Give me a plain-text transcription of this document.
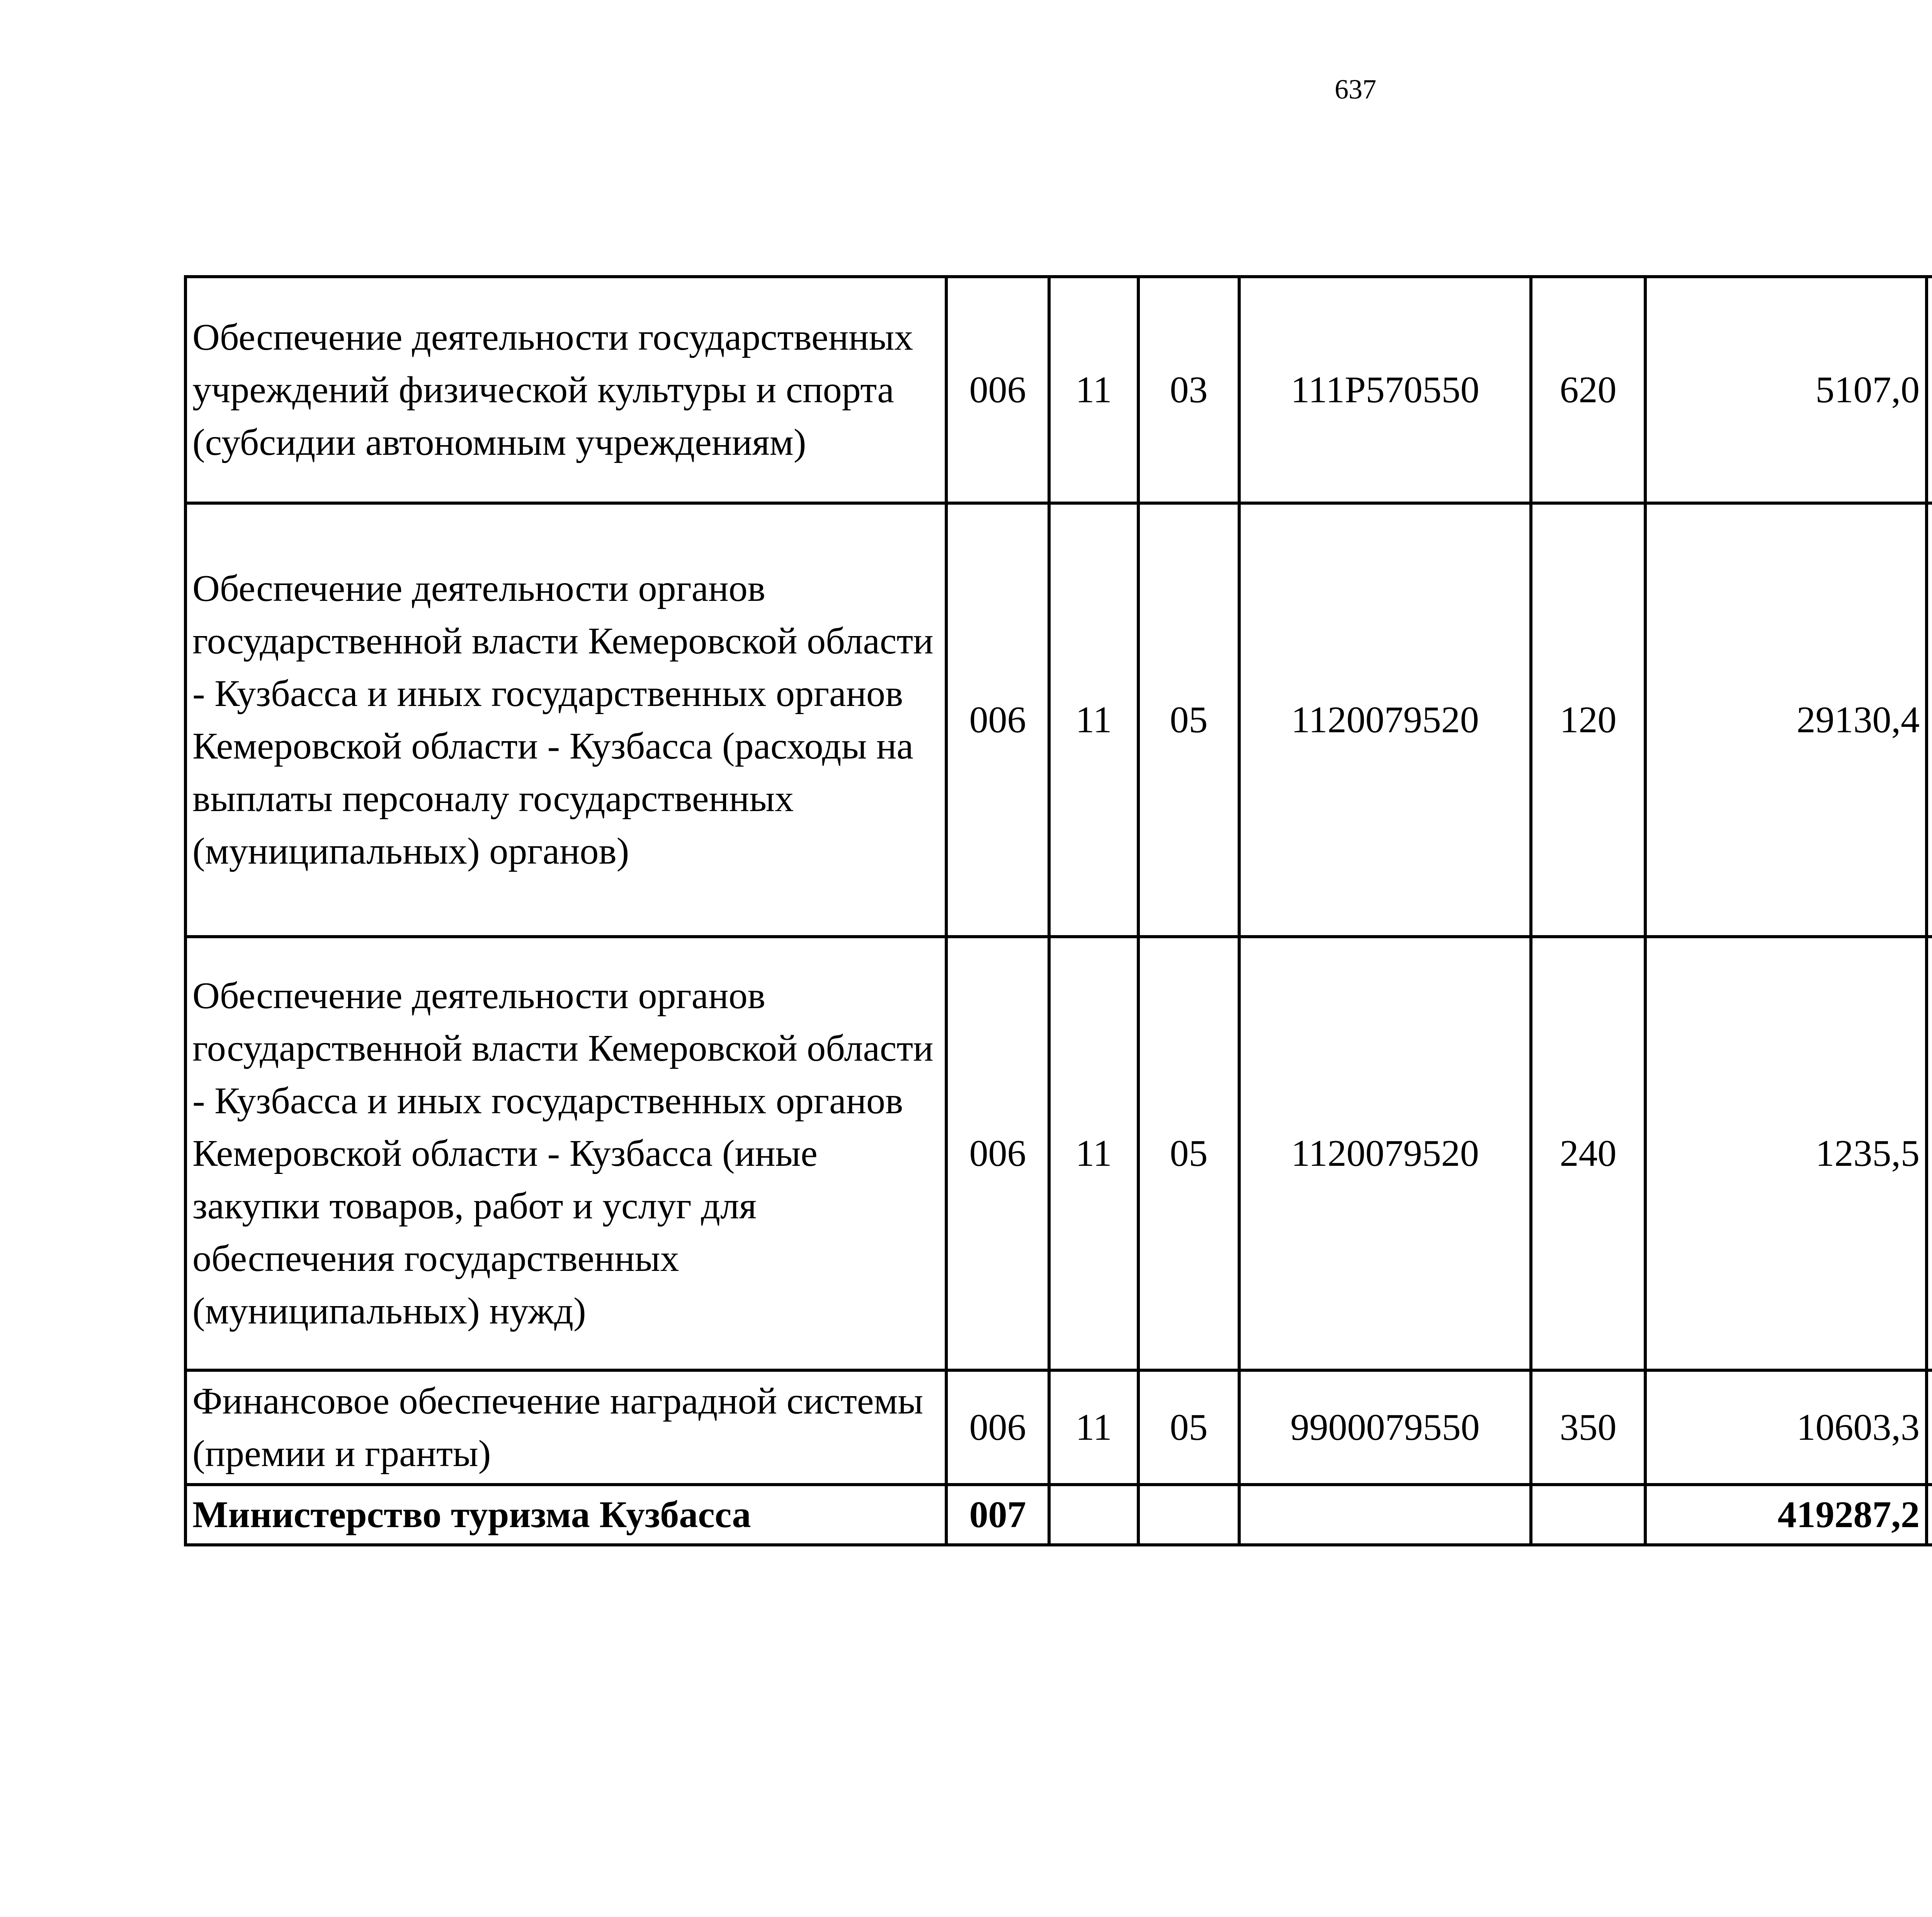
637
Обеспечение деятельности государственных учреждений физической культуры и спорта (субсидии автономным учреждениям)	006	11	03	111Р570550	620	5107,0		
Обеспечение деятельности органов государственной власти Кемеровской области - Кузбасса и иных государственных органов Кемеровской области - Кузбасса (расходы на выплаты персоналу государственных (муниципальных) органов)	006	11	05	1120079520	120	29130,4		
Обеспечение деятельности органов государственной власти Кемеровской области - Кузбасса и иных государственных органов Кемеровской области - Кузбасса (иные закупки товаров, работ и услуг для обеспечения государственных (муниципальных) нужд)	006	11	05	1120079520	240	1235,5		
Финансовое обеспечение наградной системы (премии и гранты)	006	11	05	9900079550	350	10603,3		
Министерство туризма Кузбасса	007					419287,2		
